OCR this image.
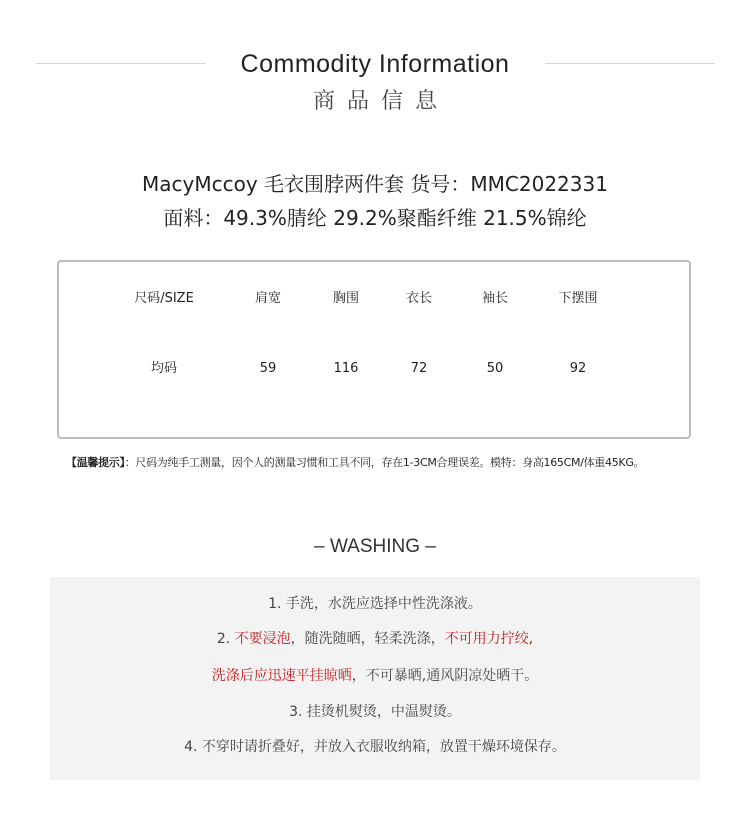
Commodity Information
商品信息
MacyMccoy 毛衣围脖两件套 货号：MMC2022331
面料：49.3%腈纶 29.2%聚酯纤维 21.5%锦纶
尺码/SIZE	肩宽	胸围	衣长	袖长	下摆围
均码	59	116	72	50	92
【温馨提示】：尺码为纯手工测量，因个人的测量习惯和工具不同，存在1-3CM合理误差。模特：身高165CM/体重45KG。
– WASHING –
1. 手洗，水洗应选择中性洗涤液。
2. 不要浸泡，随洗随晒，轻柔洗涤，不可用力拧绞,
洗涤后应迅速平挂晾晒，不可暴晒,通风阴凉处晒干。
3. 挂烫机熨烫，中温熨烫。
4. 不穿时请折叠好，并放入衣服收纳箱，放置干燥环境保存。
